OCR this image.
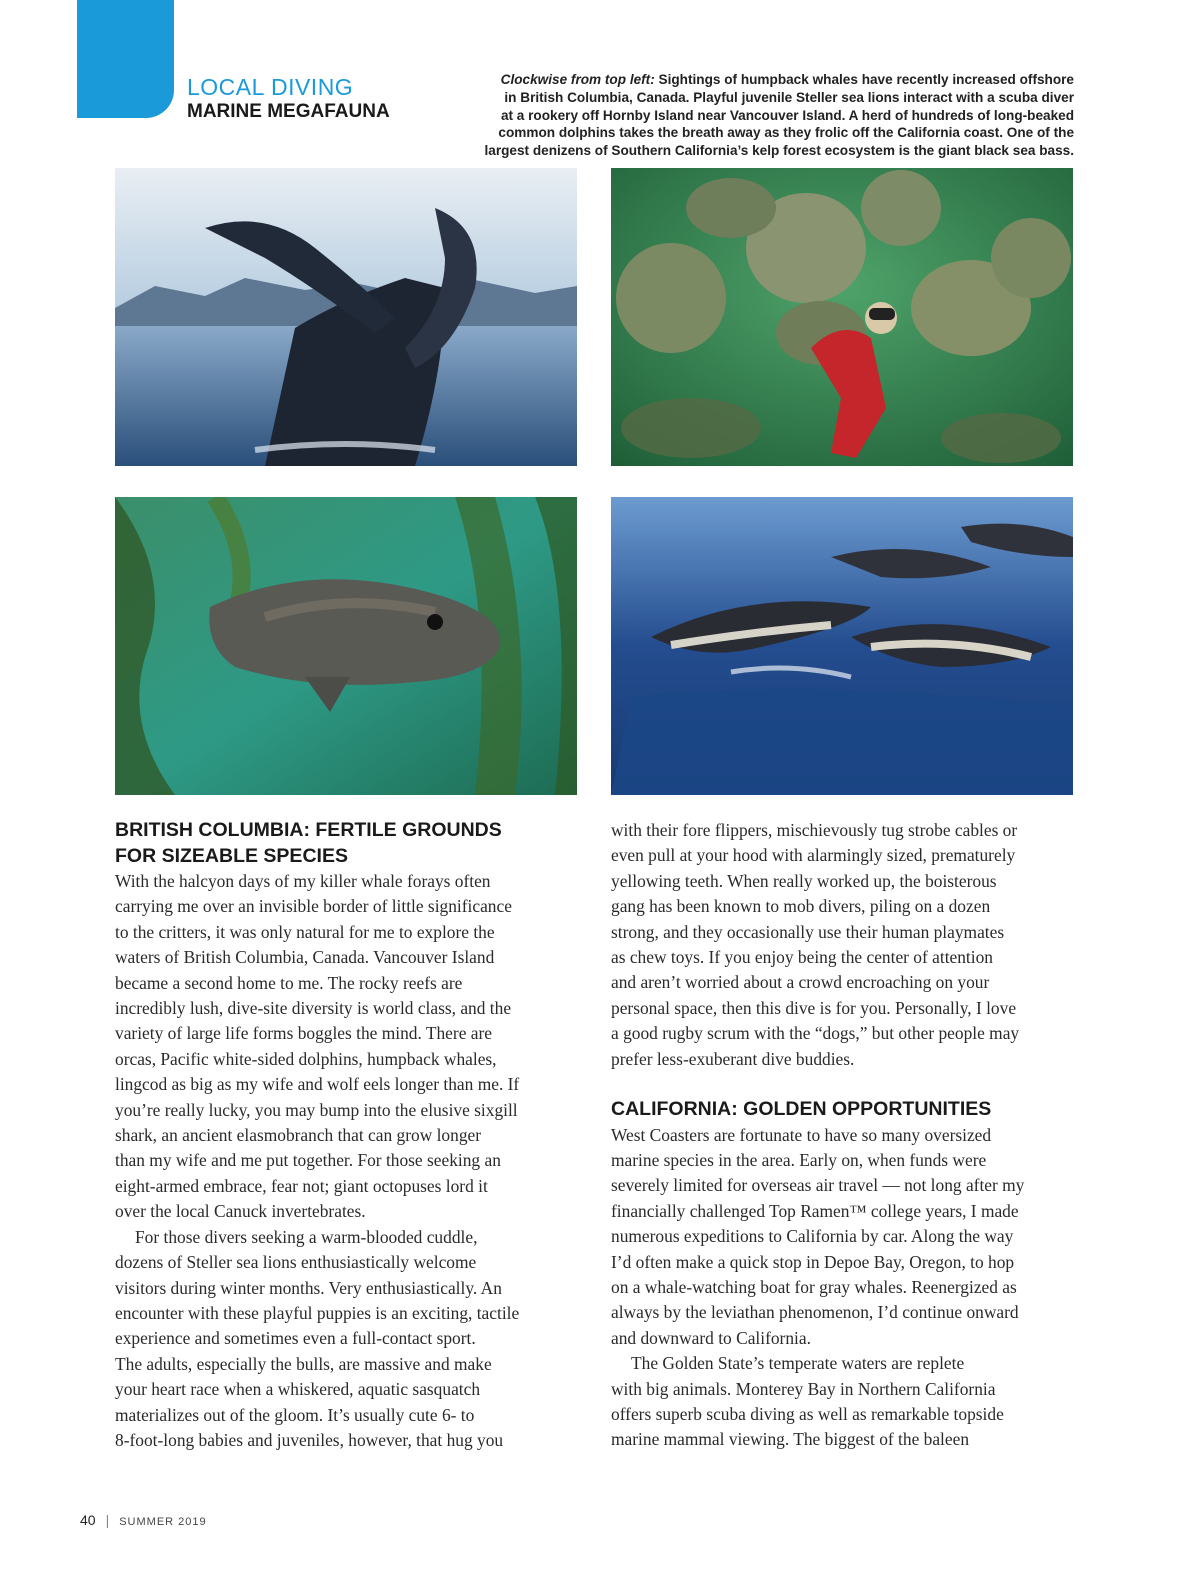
LOCAL DIVING
MARINE MEGAFAUNA
Clockwise from top left: Sightings of humpback whales have recently increased offshore
in British Columbia, Canada. Playful juvenile Steller sea lions interact with a scuba diver
at a rookery off Hornby Island near Vancouver Island. A herd of hundreds of long-beaked
common dolphins takes the breath away as they frolic off the California coast. One of the
largest denizens of Southern California’s kelp forest ecosystem is the giant black sea bass.
BRITISH COLUMBIA: FERTILE GROUNDS
FOR SIZEABLE SPECIES

With the halcyon days of my killer whale forays often
carrying me over an invisible border of little significance
to the critters, it was only natural for me to explore the
waters of British Columbia, Canada. Vancouver Island
became a second home to me. The rocky reefs are
incredibly lush, dive-site diversity is world class, and the
variety of large life forms boggles the mind. There are
orcas, Pacific white-sided dolphins, humpback whales,
lingcod as big as my wife and wolf eels longer than me. If
you’re really lucky, you may bump into the elusive sixgill
shark, an ancient elasmobranch that can grow longer
than my wife and me put together. For those seeking an
eight-armed embrace, fear not; giant octopuses lord it
over the local Canuck invertebrates.

For those divers seeking a warm-blooded cuddle,
dozens of Steller sea lions enthusiastically welcome
visitors during winter months. Very enthusiastically. An
encounter with these playful puppies is an exciting, tactile
experience and sometimes even a full-contact sport.
The adults, especially the bulls, are massive and make
your heart race when a whiskered, aquatic sasquatch
materializes out of the gloom. It’s usually cute 6- to
8-foot-long babies and juveniles, however, that hug you

with their fore flippers, mischievously tug strobe cables or
even pull at your hood with alarmingly sized, prematurely
yellowing teeth. When really worked up, the boisterous
gang has been known to mob divers, piling on a dozen
strong, and they occasionally use their human playmates
as chew toys. If you enjoy being the center of attention
and aren’t worried about a crowd encroaching on your
personal space, then this dive is for you. Personally, I love
a good rugby scrum with the “dogs,” but other people may
prefer less-exuberant dive buddies.

CALIFORNIA: GOLDEN OPPORTUNITIES

West Coasters are fortunate to have so many oversized
marine species in the area. Early on, when funds were
severely limited for overseas air travel — not long after my
financially challenged Top Ramen™ college years, I made
numerous expeditions to California by car. Along the way
I’d often make a quick stop in Depoe Bay, Oregon, to hop
on a whale-watching boat for gray whales. Reenergized as
always by the leviathan phenomenon, I’d continue onward
and downward to California.

The Golden State’s temperate waters are replete
with big animals. Monterey Bay in Northern California
offers superb scuba diving as well as remarkable topside
marine mammal viewing. The biggest of the baleen

40 | SUMMER 2019
